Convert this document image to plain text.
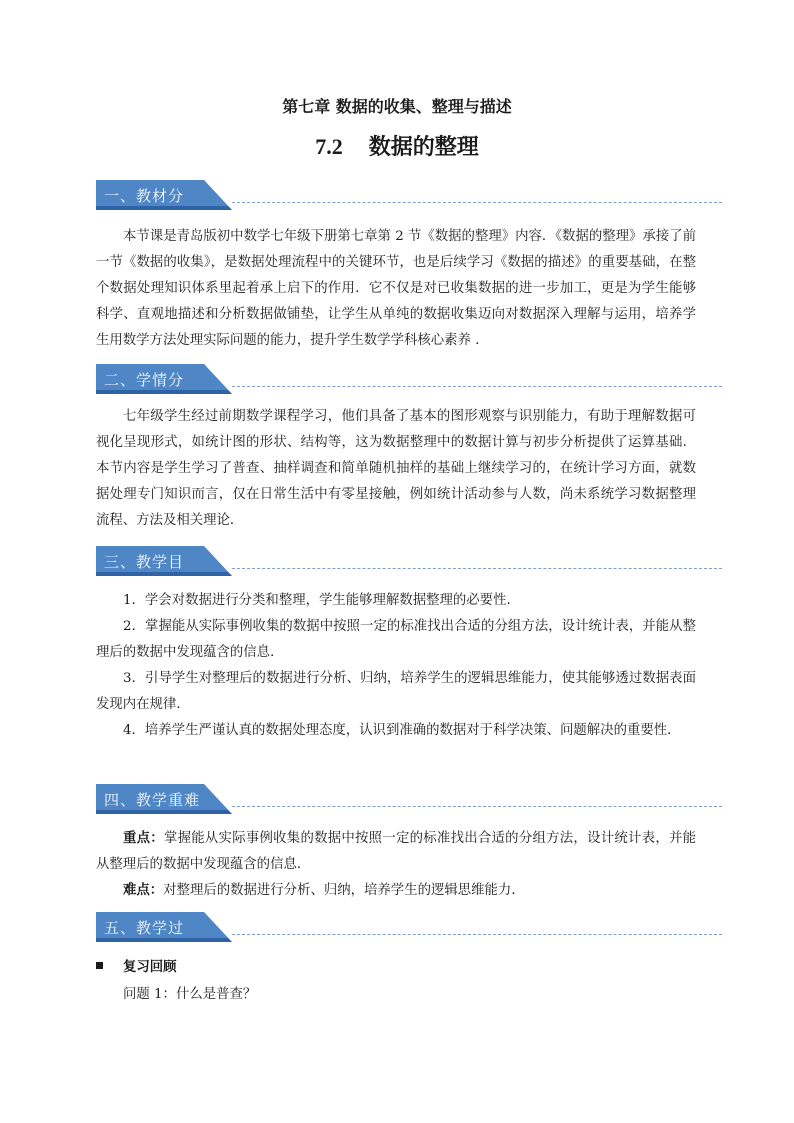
第七章 数据的收集、整理与描述
7.2 数据的整理
一、教材分

本节课是青岛版初中数学七年级下册第七章第 2 节《数据的整理》内容．《数据的整理》承接了前一节《数据的收集》，是数据处理流程中的关键环节，也是后续学习《数据的描述》的重要基础，在整个数据处理知识体系里起着承上启下的作用．它不仅是对已收集数据的进一步加工，更是为学生能够科学、直观地描述和分析数据做铺垫，让学生从单纯的数据收集迈向对数据深入理解与运用，培养学生用数学方法处理实际问题的能力，提升学生数学学科核心素养 ．

二、学情分

七年级学生经过前期数学课程学习，他们具备了基本的图形观察与识别能力，有助于理解数据可视化呈现形式，如统计图的形状、结构等，这为数据整理中的数据计算与初步分析提供了运算基础．本节内容是学生学习了普查、抽样调查和简单随机抽样的基础上继续学习的，在统计学习方面，就数据处理专门知识而言，仅在日常生活中有零星接触，例如统计活动参与人数，尚未系统学习数据整理流程、方法及相关理论．

三、教学目

1．学会对数据进行分类和整理，学生能够理解数据整理的必要性．

2．掌握能从实际事例收集的数据中按照一定的标准找出合适的分组方法，设计统计表，并能从整理后的数据中发现蕴含的信息．

3．引导学生对整理后的数据进行分析、归纳，培养学生的逻辑思维能力，使其能够透过数据表面发现内在规律．

4．培养学生严谨认真的数据处理态度，认识到准确的数据对于科学决策、问题解决的重要性．

四、教学重难

重点：掌握能从实际事例收集的数据中按照一定的标准找出合适的分组方法，设计统计表，并能从整理后的数据中发现蕴含的信息．

难点：对整理后的数据进行分析、归纳，培养学生的逻辑思维能力．

五、教学过
复习回顾

问题 1：什么是普查？
